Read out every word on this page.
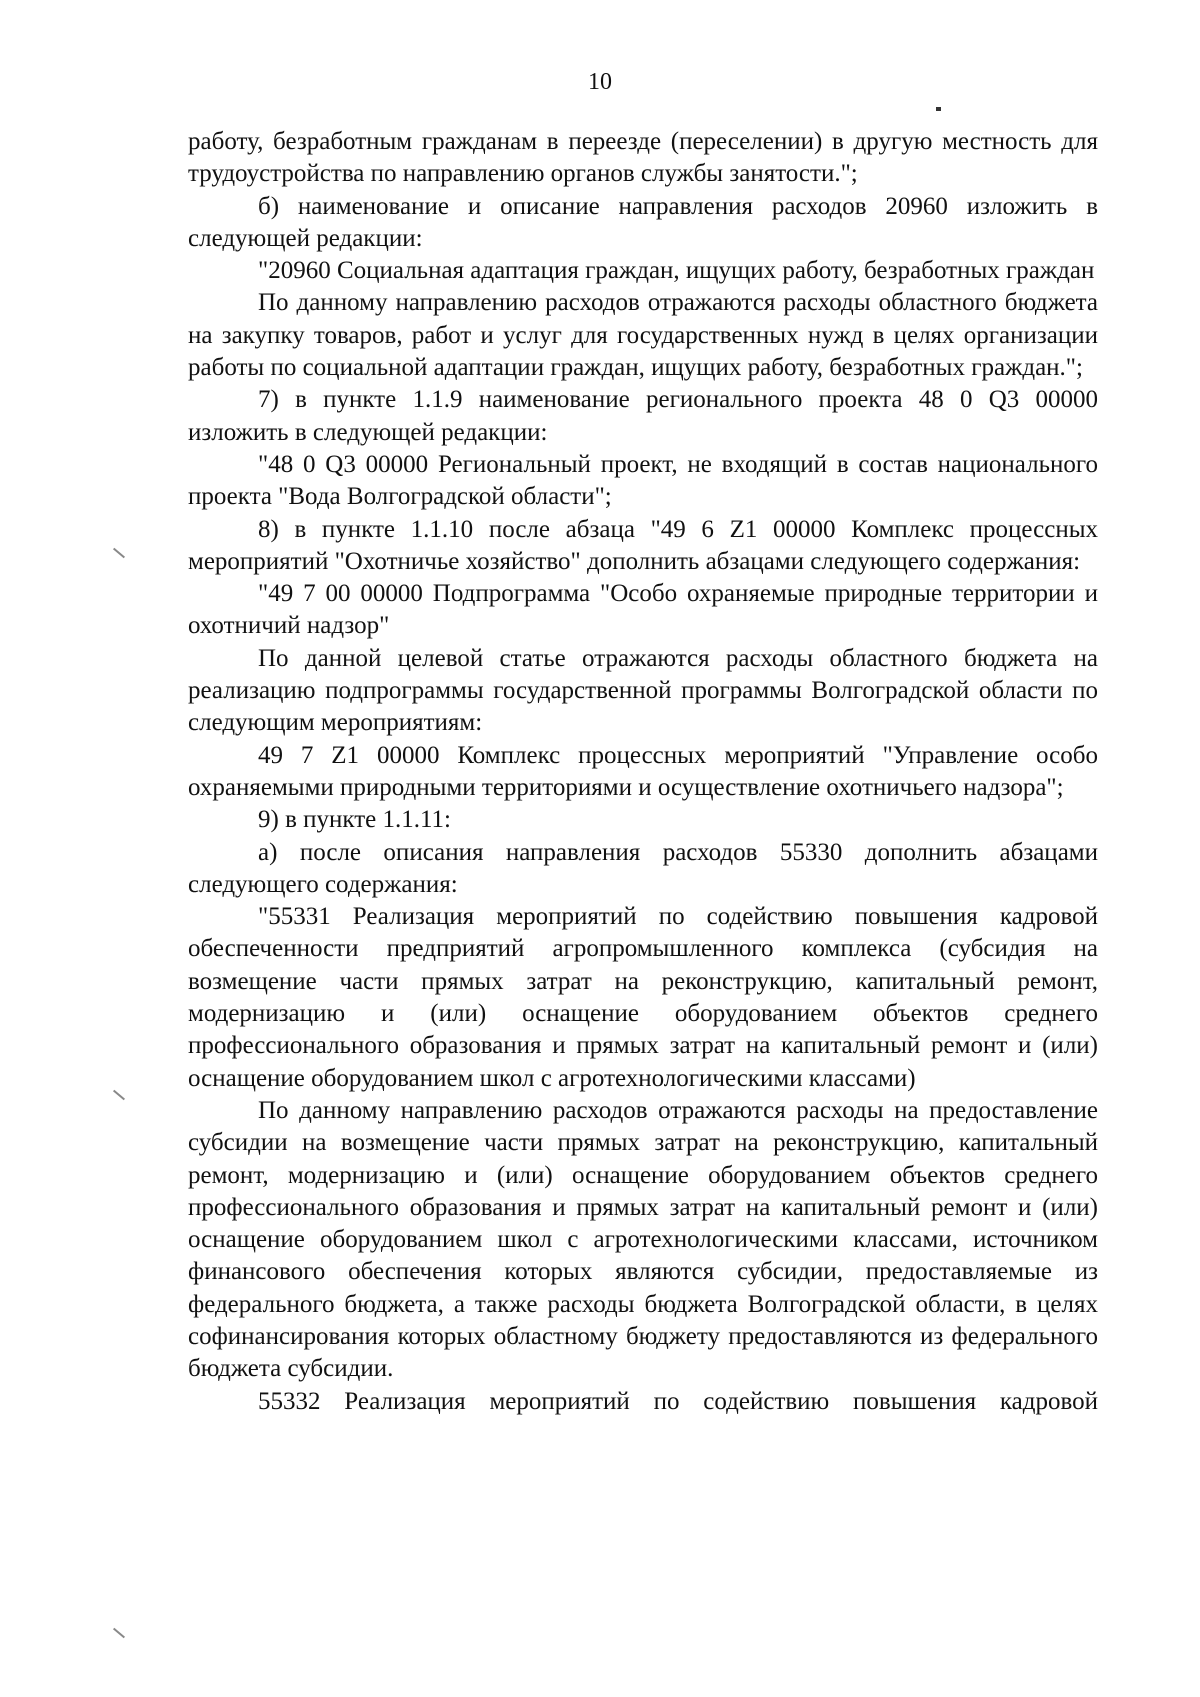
10

работу, безработным гражданам в переезде (переселении) в другую местность для трудоустройства по направлению органов службы занятости.";

б) наименование и описание направления расходов 20960 изложить в следующей редакции:

"20960 Социальная адаптация граждан, ищущих работу, безработных граждан

По данному направлению расходов отражаются расходы областного бюджета на закупку товаров, работ и услуг для государственных нужд в целях организации работы по социальной адаптации граждан, ищущих работу, безработных граждан.";

7) в пункте 1.1.9 наименование регионального проекта 48 0 Q3 00000 изложить в следующей редакции:

"48 0 Q3 00000 Региональный проект, не входящий в состав национального проекта "Вода Волгоградской области";

8) в пункте 1.1.10 после абзаца "49 6 Z1 00000 Комплекс процессных мероприятий "Охотничье хозяйство" дополнить абзацами следующего содержания:

"49 7 00 00000 Подпрограмма "Особо охраняемые природные территории и охотничий надзор"

По данной целевой статье отражаются расходы областного бюджета на реализацию подпрограммы государственной программы Волгоградской области по следующим мероприятиям:

49 7 Z1 00000 Комплекс процессных мероприятий "Управление особо охраняемыми природными территориями и осуществление охотничьего надзора";

9) в пункте 1.1.11:

а) после описания направления расходов 55330 дополнить абзацами следующего содержания:

"55331 Реализация мероприятий по содействию повышения кадровой обеспеченности предприятий агропромышленного комплекса (субсидия на возмещение части прямых затрат на реконструкцию, капитальный ремонт, модернизацию и (или) оснащение оборудованием объектов среднего профессионального образования и прямых затрат на капитальный ремонт и (или) оснащение оборудованием школ с агротехнологическими классами)

По данному направлению расходов отражаются расходы на предоставление субсидии на возмещение части прямых затрат на реконструкцию, капитальный ремонт, модернизацию и (или) оснащение оборудованием объектов среднего профессионального образования и прямых затрат на капитальный ремонт и (или) оснащение оборудованием школ с агротехнологическими классами, источником финансового обеспечения которых являются субсидии, предоставляемые из федерального бюджета, а также расходы бюджета Волгоградской области, в целях софинансирования которых областному бюджету предоставляются из федерального бюджета субсидии.

55332 Реализация мероприятий по содействию повышения кадровой
